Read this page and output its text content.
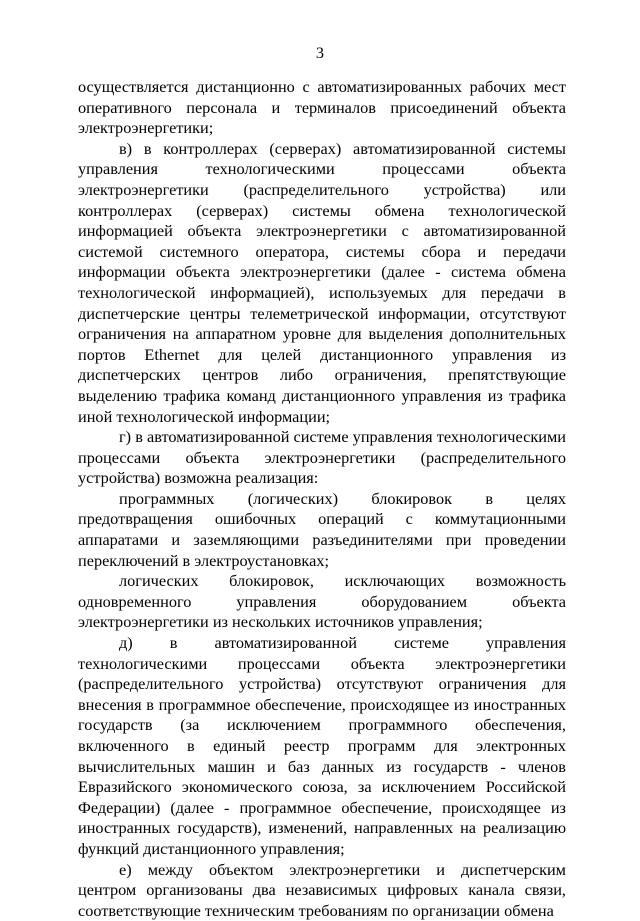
3

осуществляется дистанционно с автоматизированных рабочих мест оперативного персонала и терминалов присоединений объекта электроэнергетики;

в) в контроллерах (серверах) автоматизированной системы управления технологическими процессами объекта электроэнергетики (распределительного устройства) или контроллерах (серверах) системы обмена технологической информацией объекта электроэнергетики с автоматизированной системой системного оператора, системы сбора и передачи информации объекта электроэнергетики (далее - система обмена технологической информацией), используемых для передачи в диспетчерские центры телеметрической информации, отсутствуют ограничения на аппаратном уровне для выделения дополнительных портов Ethernet для целей дистанционного управления из диспетчерских центров либо ограничения, препятствующие выделению трафика команд дистанционного управления из трафика иной технологической информации;

г) в автоматизированной системе управления технологическими процессами объекта электроэнергетики (распределительного устройства) возможна реализация:

программных (логических) блокировок в целях предотвращения ошибочных операций с коммутационными аппаратами и заземляющими разъединителями при проведении переключений в электроустановках;

логических блокировок, исключающих возможность одновременного управления оборудованием объекта электроэнергетики из нескольких источников управления;

д) в автоматизированной системе управления технологическими процессами объекта электроэнергетики (распределительного устройства) отсутствуют ограничения для внесения в программное обеспечение, происходящее из иностранных государств (за исключением программного обеспечения, включенного в единый реестр программ для электронных вычислительных машин и баз данных из государств - членов Евразийского экономического союза, за исключением Российской Федерации) (далее - программное обеспечение, происходящее из иностранных государств), изменений, направленных на реализацию функций дистанционного управления;

е) между объектом электроэнергетики и диспетчерским центром организованы два независимых цифровых канала связи, соответствующие техническим требованиям по организации обмена
